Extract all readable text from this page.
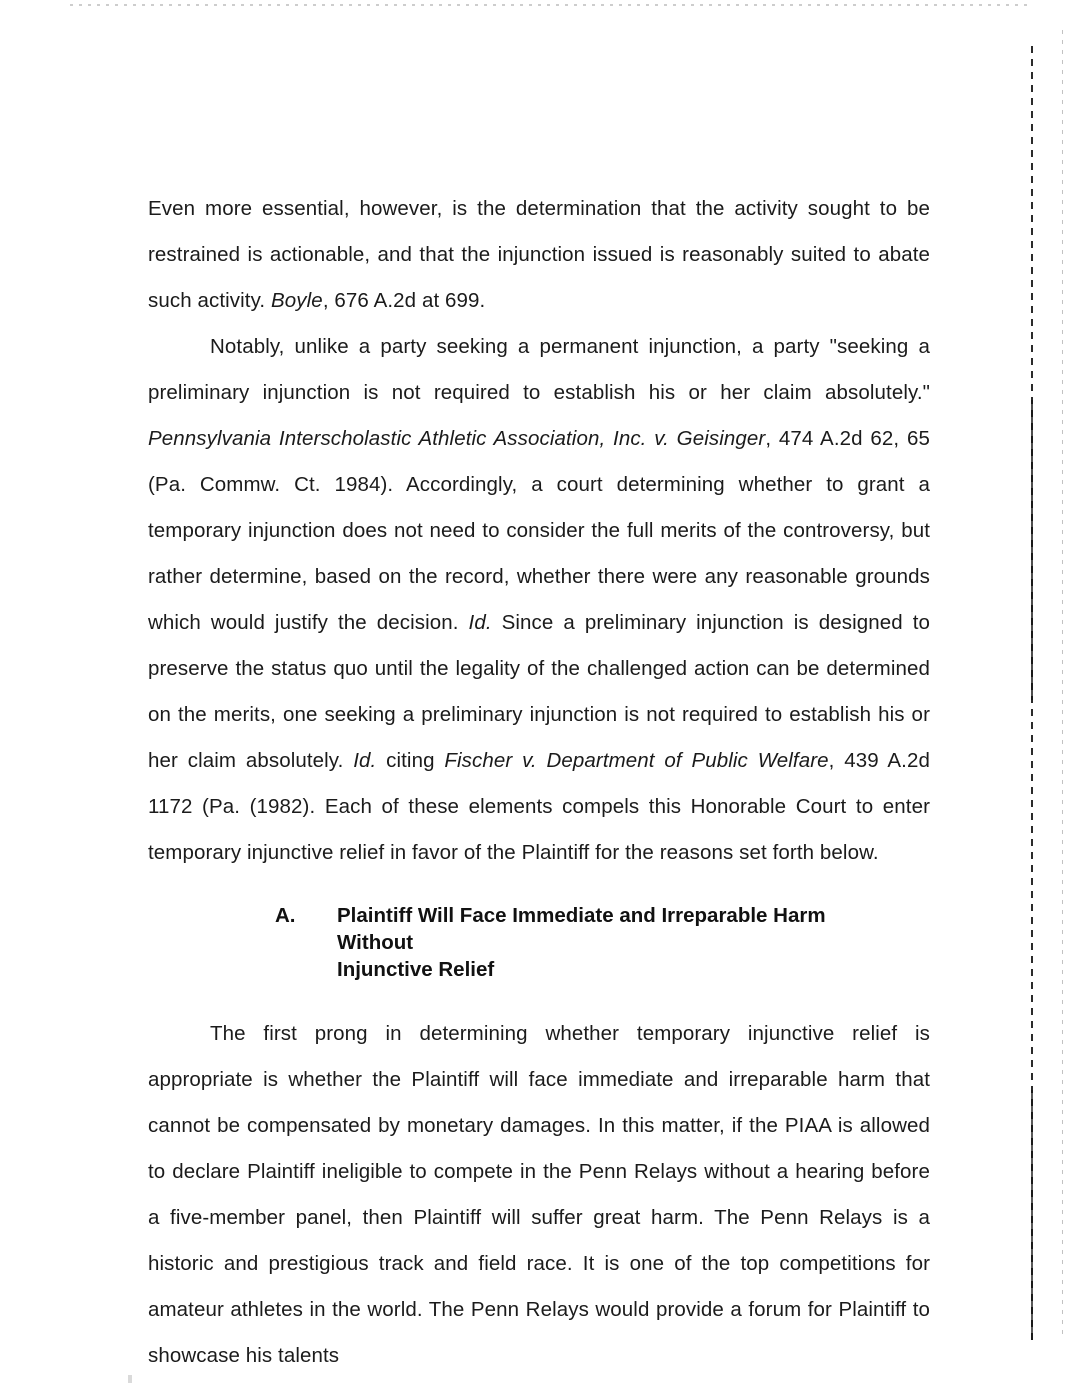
Even more essential, however, is the determination that the activity sought to be restrained is actionable, and that the injunction issued is reasonably suited to abate such activity. Boyle, 676 A.2d at 699.

Notably, unlike a party seeking a permanent injunction, a party "seeking a preliminary injunction is not required to establish his or her claim absolutely." Pennsylvania Interscholastic Athletic Association, Inc. v. Geisinger, 474 A.2d 62, 65 (Pa. Commw. Ct. 1984). Accordingly, a court determining whether to grant a temporary injunction does not need to consider the full merits of the controversy, but rather determine, based on the record, whether there were any reasonable grounds which would justify the decision. Id. Since a preliminary injunction is designed to preserve the status quo until the legality of the challenged action can be determined on the merits, one seeking a preliminary injunction is not required to establish his or her claim absolutely. Id. citing Fischer v. Department of Public Welfare, 439 A.2d 1172 (Pa. (1982). Each of these elements compels this Honorable Court to enter temporary injunctive relief in favor of the Plaintiff for the reasons set forth below.

A.	Plaintiff Will Face Immediate and Irreparable Harm Without
Injunctive Relief

The first prong in determining whether temporary injunctive relief is appropriate is whether the Plaintiff will face immediate and irreparable harm that cannot be compensated by monetary damages. In this matter, if the PIAA is allowed to declare Plaintiff ineligible to compete in the Penn Relays without a hearing before a five-member panel, then Plaintiff will suffer great harm. The Penn Relays is a historic and prestigious track and field race. It is one of the top competitions for amateur athletes in the world. The Penn Relays would provide a forum for Plaintiff to showcase his talents
